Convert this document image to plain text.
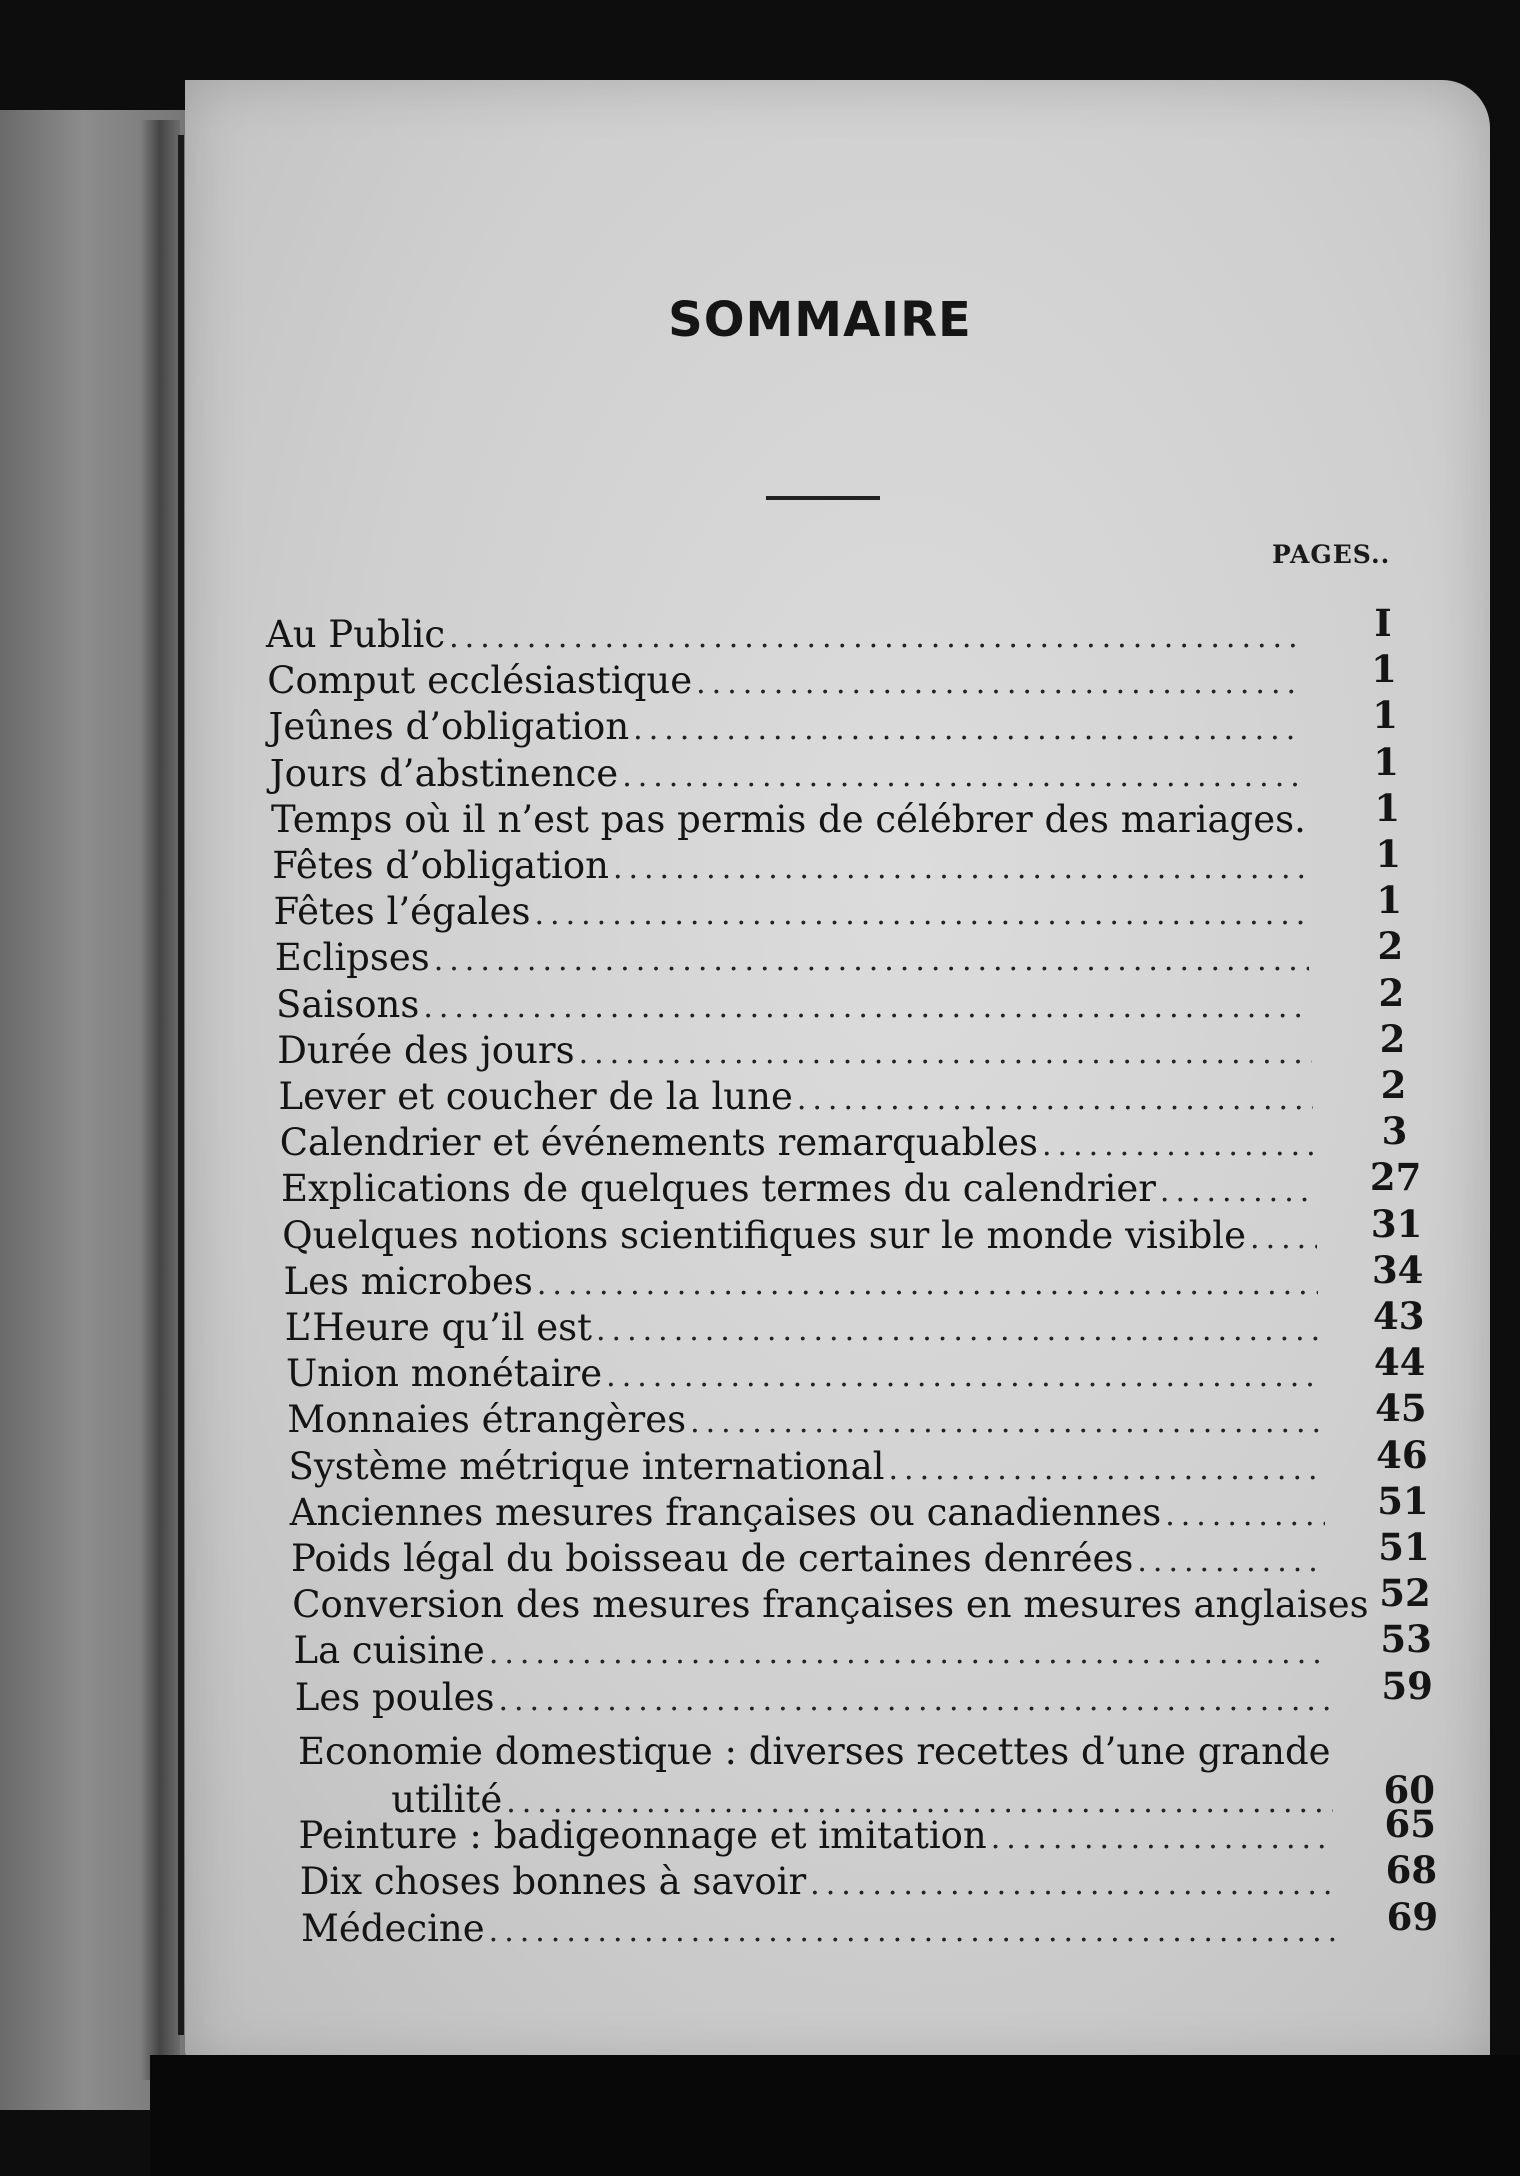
SOMMAIRE
PAGES..
Au Public .....	I
Comput ecclésiastique .....	1
Jeûnes d’obligation .....	1
Jours d’abstinence .....	1
Temps où il n’est pas permis de célébrer des mariages.	1
Fêtes d’obligation .....	1
Fêtes l’égales .....	1
Eclipses .....	2
Saisons .....	2
Durée des jours .....	2
Lever et coucher de la lune .....	2
Calendrier et événements remarquables .....	3
Explications de quelques termes du calendrier .....	27
Quelques notions scientifiques sur le monde visible .....	31
Les microbes .....	34
L’Heure qu’il est .....	43
Union monétaire .....	44
Monnaies étrangères .....	45
Système métrique international .....	46
Anciennes mesures françaises ou canadiennes .....	51
Poids légal du boisseau de certaines denrées .....	51
Conversion des mesures françaises en mesures anglaises 52
La cuisine .....	53
Les poules .....	59
Economie domestique : diverses recettes d’une grande
utilité .....	60
Peinture : badigeonnage et imitation .....	65
Dix choses bonnes à savoir .....	68
Médecine .....	69
